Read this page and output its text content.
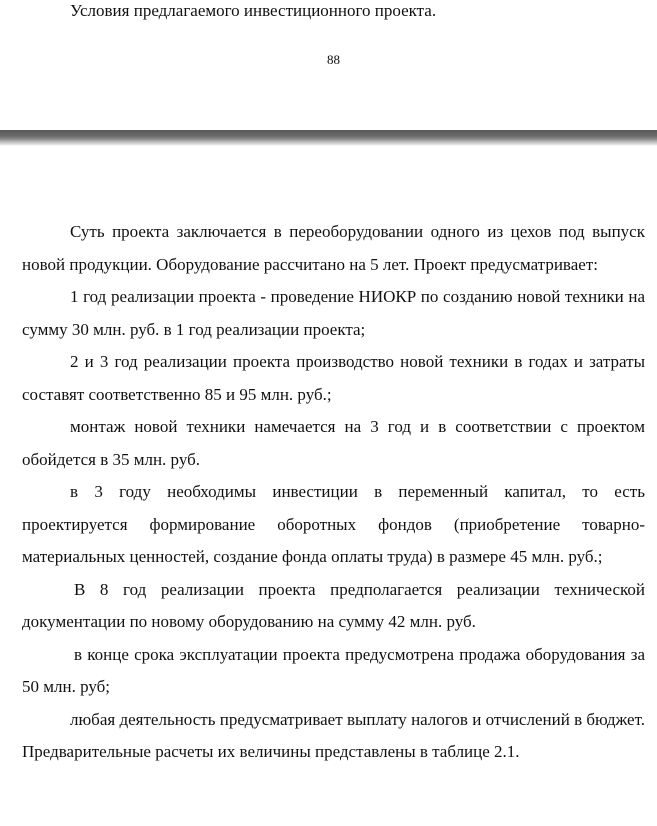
Условия предлагаемого инвестиционного проекта.
88

Суть проекта заключается в переоборудовании одного из цехов под выпуск новой продукции. Оборудование рассчитано на 5 лет. Проект предусматривает:

1 год реализации проекта - проведение НИОКР по созданию новой техники на сумму 30 млн. руб. в 1 год реализации проекта;

2 и 3 год реализации проекта производство новой техники в годах и затраты составят соответственно 85 и 95 млн. руб.;

монтаж новой техники намечается на 3 год и в соответствии с проектом обойдется в 35 млн. руб.

в 3 году необходимы инвестиции в переменный капитал, то есть проектируется формирование оборотных фондов (приобретение товарно-материальных ценностей, создание фонда оплаты труда) в размере 45 млн. руб.;

В 8 год реализации проекта предполагается реализации технической документации по новому оборудованию на сумму 42 млн. руб.

в конце срока эксплуатации проекта предусмотрена продажа оборудования за 50 млн. руб;

любая деятельность предусматривает выплату налогов и отчислений в бюджет. Предварительные расчеты их величины представлены в таблице 2.1.
